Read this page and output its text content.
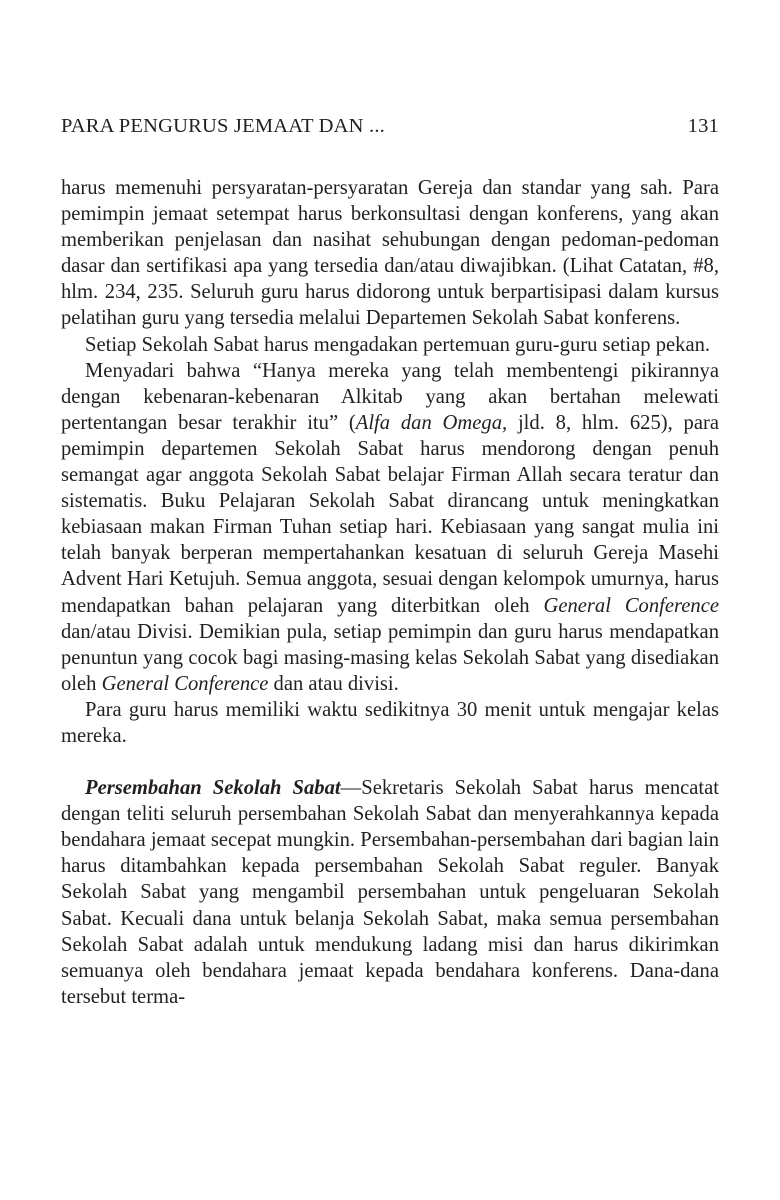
PARA PENGURUS JEMAAT DAN ...	131

harus memenuhi persyaratan-persyaratan Gereja dan standar yang sah. Para pemimpin jemaat setempat harus berkonsultasi dengan konferens, yang akan memberikan penjelasan dan nasihat sehubungan dengan pedoman-pedoman dasar dan sertifikasi apa yang tersedia dan/atau diwajibkan. (Lihat Catatan, #8, hlm. 234, 235. Seluruh guru harus didorong untuk berpartisipasi dalam kursus pelatihan guru yang tersedia melalui Departemen Sekolah Sabat konferens.

Setiap Sekolah Sabat harus mengadakan pertemuan guru-guru setiap pekan.

Menyadari bahwa “Hanya mereka yang telah membentengi pikirannya dengan kebenaran-kebenaran Alkitab yang akan bertahan melewati pertentangan besar terakhir itu” (Alfa dan Omega, jld. 8, hlm. 625), para pemimpin departemen Sekolah Sabat harus mendorong dengan penuh semangat agar anggota Sekolah Sabat belajar Firman Allah secara teratur dan sistematis. Buku Pelajaran Sekolah Sabat dirancang untuk meningkatkan kebiasaan makan Firman Tuhan setiap hari. Kebiasaan yang sangat mulia ini telah banyak berperan mempertahankan kesatuan di seluruh Gereja Masehi Advent Hari Ketujuh. Semua anggota, sesuai dengan kelompok umurnya, harus mendapatkan bahan pelajaran yang diterbitkan oleh General Conference dan/atau Divisi. Demikian pula, setiap pemimpin dan guru harus mendapatkan penuntun yang cocok bagi masing-masing kelas Sekolah Sabat yang disediakan oleh General Conference dan atau divisi.

Para guru harus memiliki waktu sedikitnya 30 menit untuk mengajar kelas mereka.

Persembahan Sekolah Sabat—Sekretaris Sekolah Sabat harus mencatat dengan teliti seluruh persembahan Sekolah Sabat dan menyerahkannya kepada bendahara jemaat secepat mungkin. Persembahan-persembahan dari bagian lain harus ditambahkan kepada persembahan Sekolah Sabat reguler. Banyak Sekolah Sabat yang mengambil persembahan untuk pengeluaran Sekolah Sabat. Kecuali dana untuk belanja Sekolah Sabat, maka semua persembahan Sekolah Sabat adalah untuk mendukung ladang misi dan harus dikirimkan semuanya oleh bendahara jemaat kepada bendahara konferens. Dana-dana tersebut terma-
